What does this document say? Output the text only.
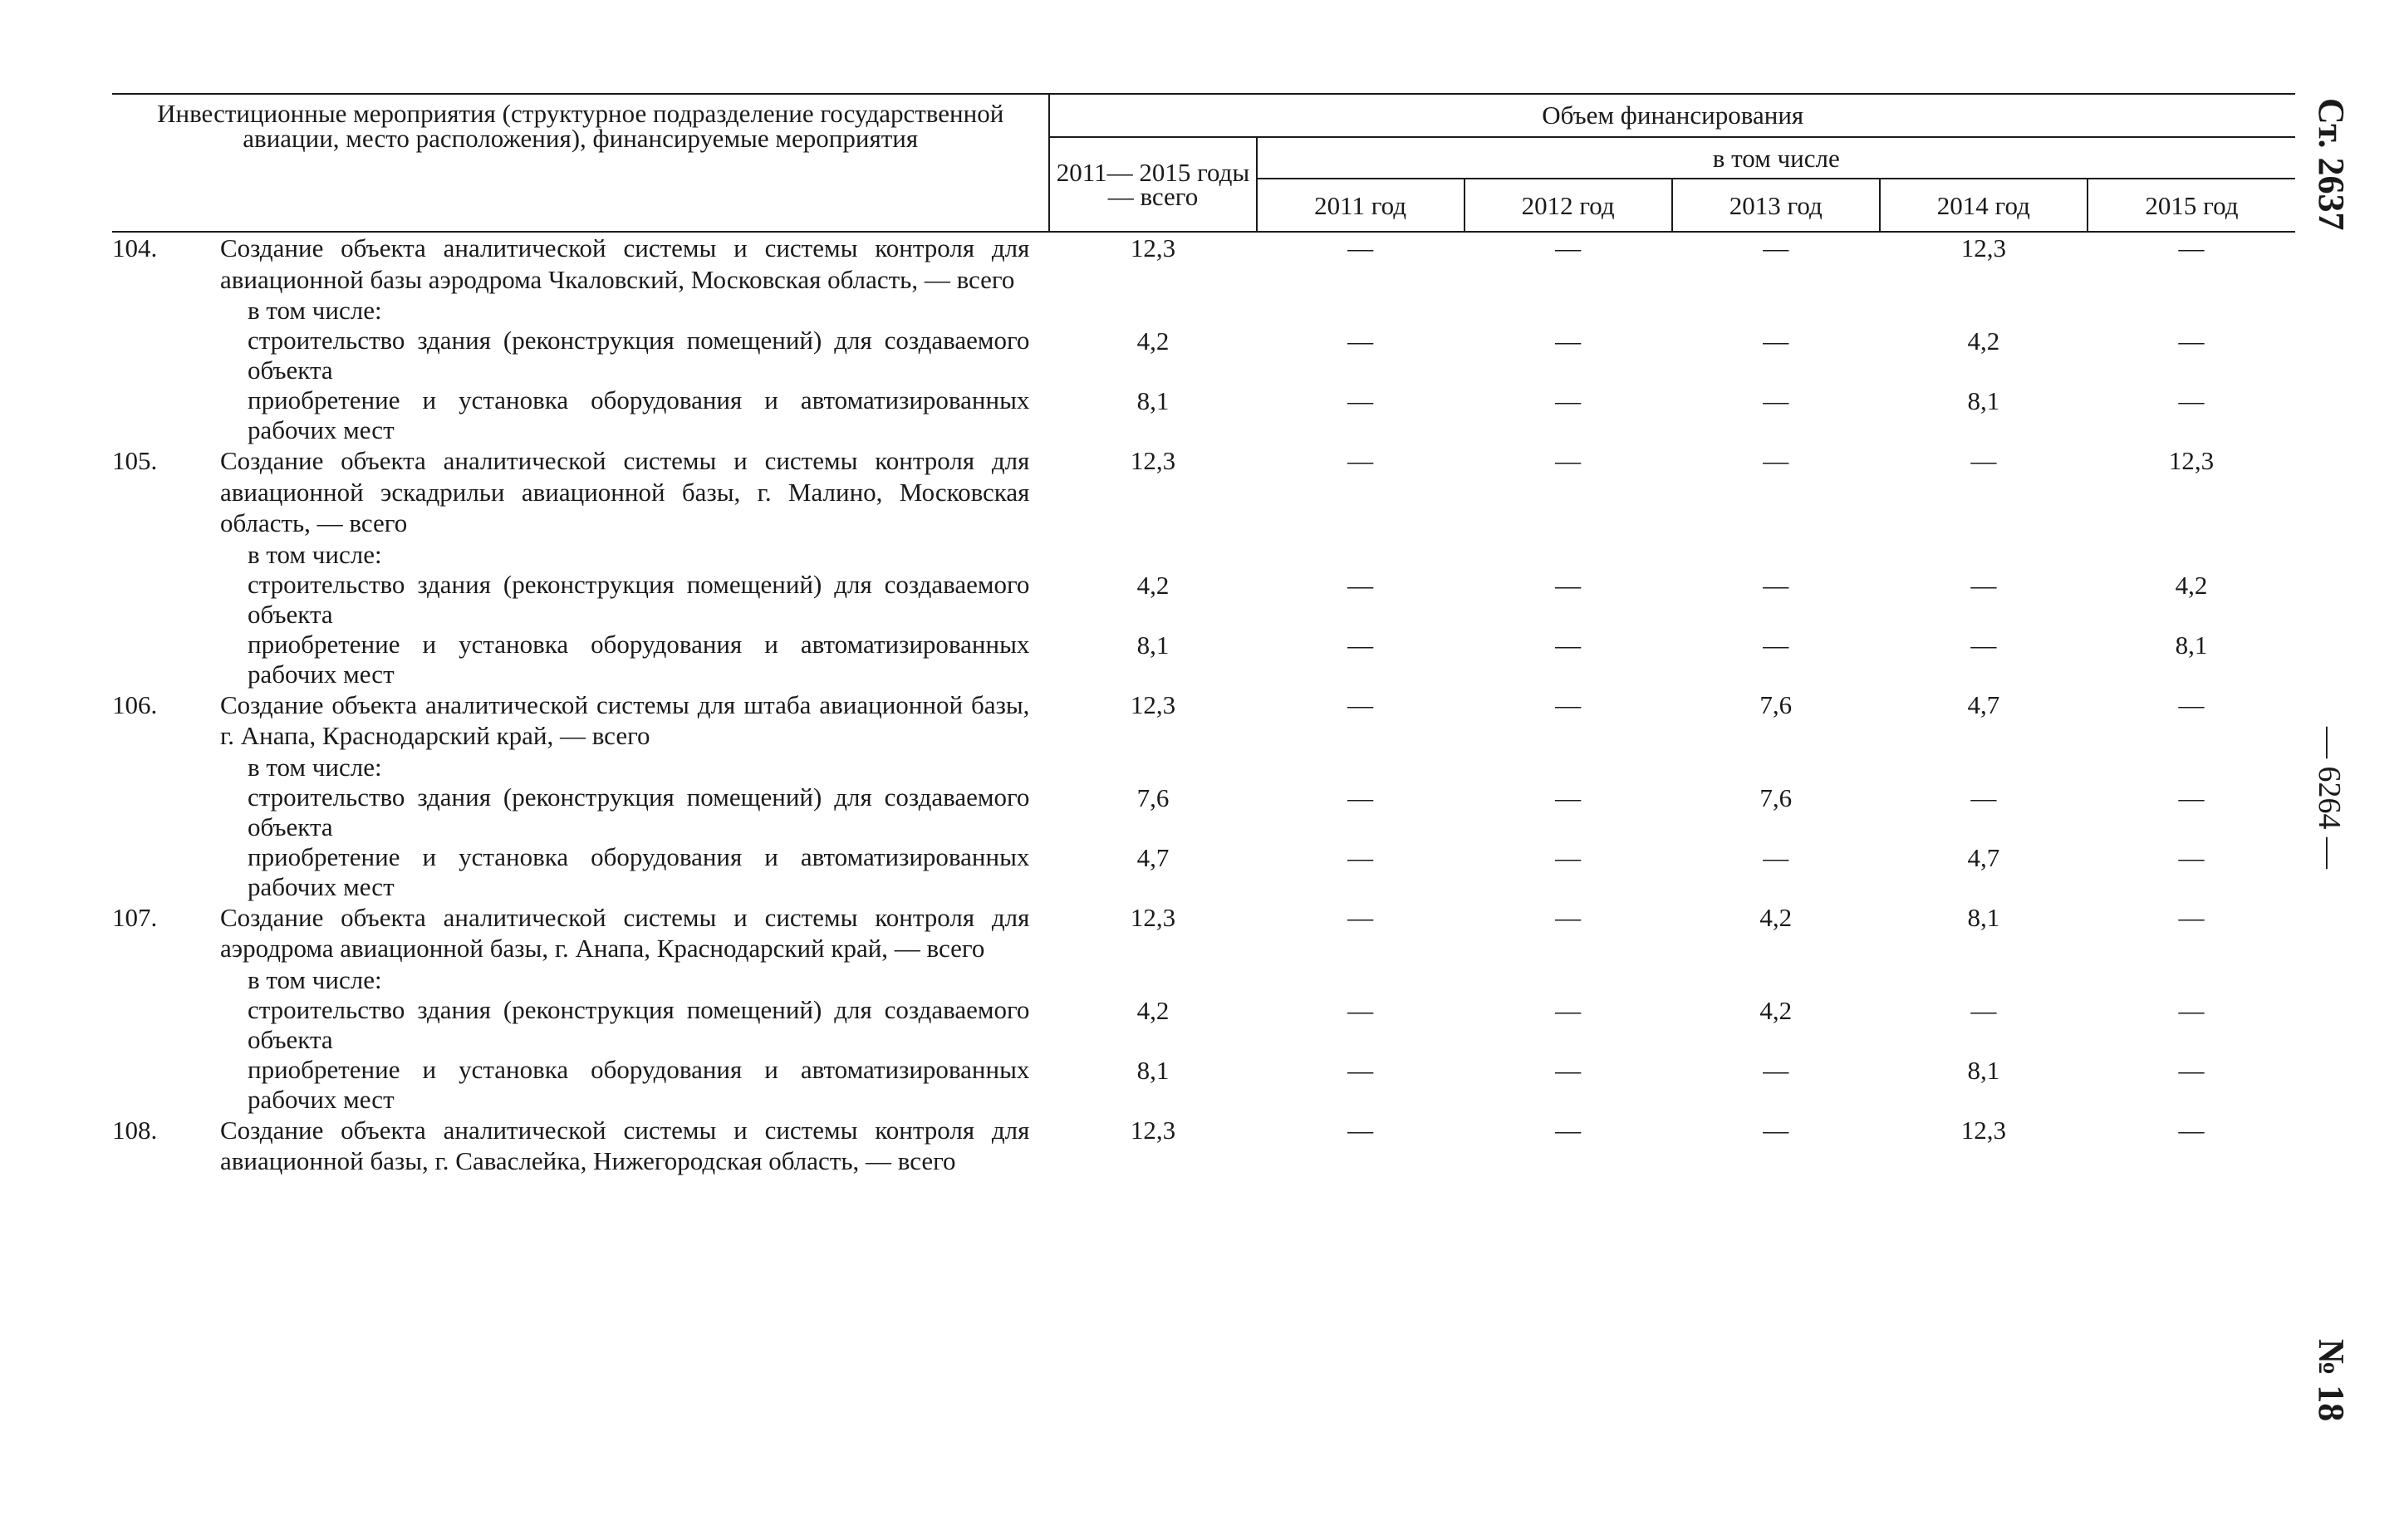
Инвестиционные мероприятия (структурное подразделение государственной авиации, место расположения), финансируемые мероприятия	Объем финансирования					
	2011— 2015 годы — всего	в том числе				
		2011 год	2012 год	2013 год	2014 год	2015 год

104. Создание объекта аналитической системы и системы контроля для авиационной базы аэродрома Чкаловский, Московская область, — всего	12,3	—	—	—	12,3	—

в том числе:						

строительство здания (реконструкция помещений) для создаваемого объекта	4,2	—	—	—	4,2	—

приобретение и установка оборудования и автоматизированных рабочих мест	8,1	—	—	—	8,1	—

105. Создание объекта аналитической системы и системы контроля для авиационной эскадрильи авиационной базы, г. Малино, Московская область, — всего	12,3	—	—	—	—	12,3

в том числе:						

строительство здания (реконструкция помещений) для создаваемого объекта	4,2	—	—	—	—	4,2

приобретение и установка оборудования и автоматизированных рабочих мест	8,1	—	—	—	—	8,1

106. Создание объекта аналитической системы для штаба авиационной базы, г. Анапа, Краснодарский край, — всего	12,3	—	—	7,6	4,7	—

в том числе:						

строительство здания (реконструкция помещений) для создаваемого объекта	7,6	—	—	7,6	—	—

приобретение и установка оборудования и автоматизированных рабочих мест	4,7	—	—	—	4,7	—

107. Создание объекта аналитической системы и системы контроля для аэродрома авиационной базы, г. Анапа, Краснодарский край, — всего	12,3	—	—	4,2	8,1	—

в том числе:						

строительство здания (реконструкция помещений) для создаваемого объекта	4,2	—	—	4,2	—	—

приобретение и установка оборудования и автоматизированных рабочих мест	8,1	—	—	—	8,1	—

108. Создание объекта аналитической системы и системы контроля для авиационной базы, г. Саваслейка, Нижегородская область, — всего	12,3	—	—	—	12,3	—
Ст. 2637
— 6264 —
№ 18
